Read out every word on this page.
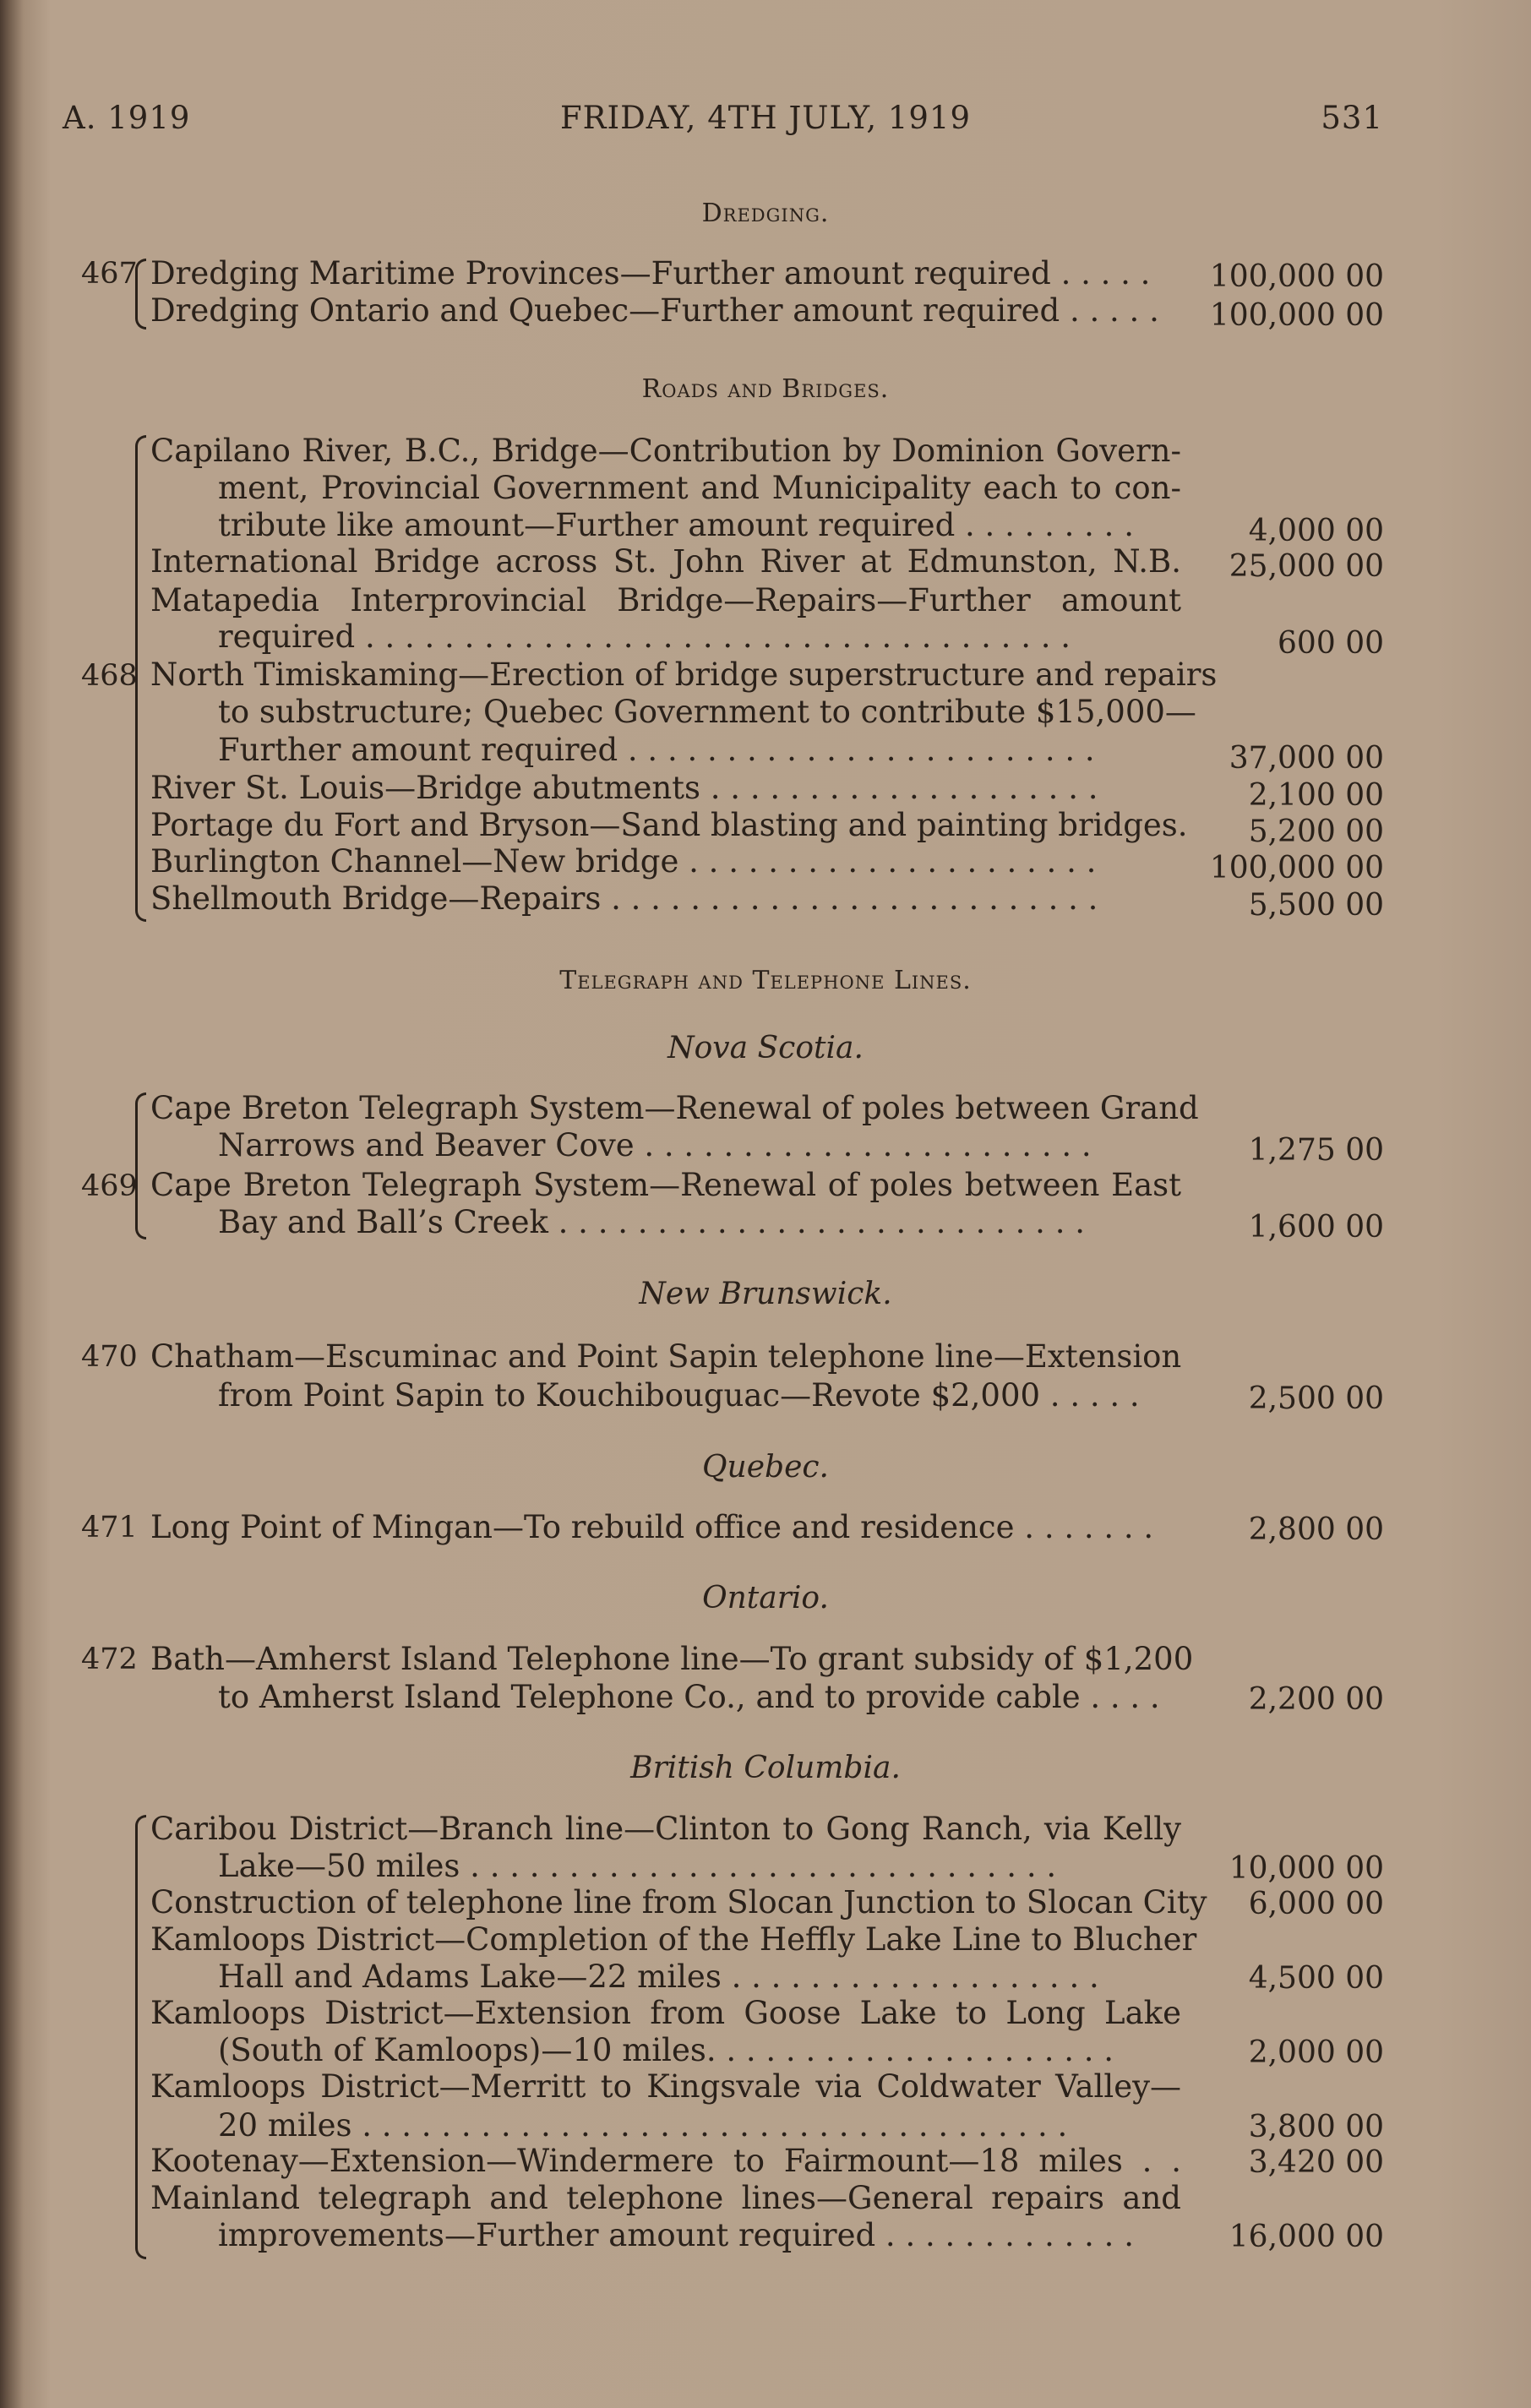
A. 1919	FRIDAY, 4TH JULY, 1919	531
Dredging.
467 Dredging Maritime Provinces—Further amount required . . . . .	100,000 00
Dredging Ontario and Quebec—Further amount required . . . . .	100,000 00
Roads and Bridges.
468
Capilano River, B.C., Bridge—Contribution by Dominion Govern-
ment, Provincial Government and Municipality each to con-
tribute like amount—Further amount required . . . . . . . . .	4,000 00
International Bridge across St. John River at Edmunston, N.B.	25,000 00
Matapedia Interprovincial Bridge—Repairs—Further amount
required . . . . . . . . . . . . . . . . . . . . . . . . . . . . . . . . . . . .	600 00
North Timiskaming—Erection of bridge superstructure and repairs
to substructure; Quebec Government to contribute $15,000—
Further amount required . . . . . . . . . . . . . . . . . . . . . . . .	37,000 00
River St. Louis—Bridge abutments . . . . . . . . . . . . . . . . . . . .	2,100 00
Portage du Fort and Bryson—Sand blasting and painting bridges.	5,200 00
Burlington Channel—New bridge . . . . . . . . . . . . . . . . . . . . .	100,000 00
Shellmouth Bridge—Repairs . . . . . . . . . . . . . . . . . . . . . . . . .	5,500 00
Telegraph and Telephone Lines.
Nova Scotia.
469
Cape Breton Telegraph System—Renewal of poles between Grand
Narrows and Beaver Cove . . . . . . . . . . . . . . . . . . . . . . .	1,275 00
Cape Breton Telegraph System—Renewal of poles between East
Bay and Ball’s Creek . . . . . . . . . . . . . . . . . . . . . . . . . . .	1,600 00
New Brunswick.
470 Chatham—Escuminac and Point Sapin telephone line—Extension
from Point Sapin to Kouchibouguac—Revote $2,000 . . . . .	2,500 00
Quebec.
471 Long Point of Mingan—To rebuild office and residence . . . . . . .	2,800 00
Ontario.
472 Bath—Amherst Island Telephone line—To grant subsidy of $1,200
to Amherst Island Telephone Co., and to provide cable . . . .	2,200 00
British Columbia.
Caribou District—Branch line—Clinton to Gong Ranch, via Kelly
Lake—50 miles . . . . . . . . . . . . . . . . . . . . . . . . . . . . . .	10,000 00
Construction of telephone line from Slocan Junction to Slocan City	6,000 00
Kamloops District—Completion of the Heffly Lake Line to Blucher
Hall and Adams Lake—22 miles . . . . . . . . . . . . . . . . . . .	4,500 00
Kamloops District—Extension from Goose Lake to Long Lake
(South of Kamloops)—10 miles. . . . . . . . . . . . . . . . . . . . .	2,000 00
Kamloops District—Merritt to Kingsvale via Coldwater Valley—
20 miles . . . . . . . . . . . . . . . . . . . . . . . . . . . . . . . . . . . .	3,800 00
Kootenay—Extension—Windermere to Fairmount—18 miles . .	3,420 00
Mainland telegraph and telephone lines—General repairs and
improvements—Further amount required . . . . . . . . . . . . .	16,000 00
